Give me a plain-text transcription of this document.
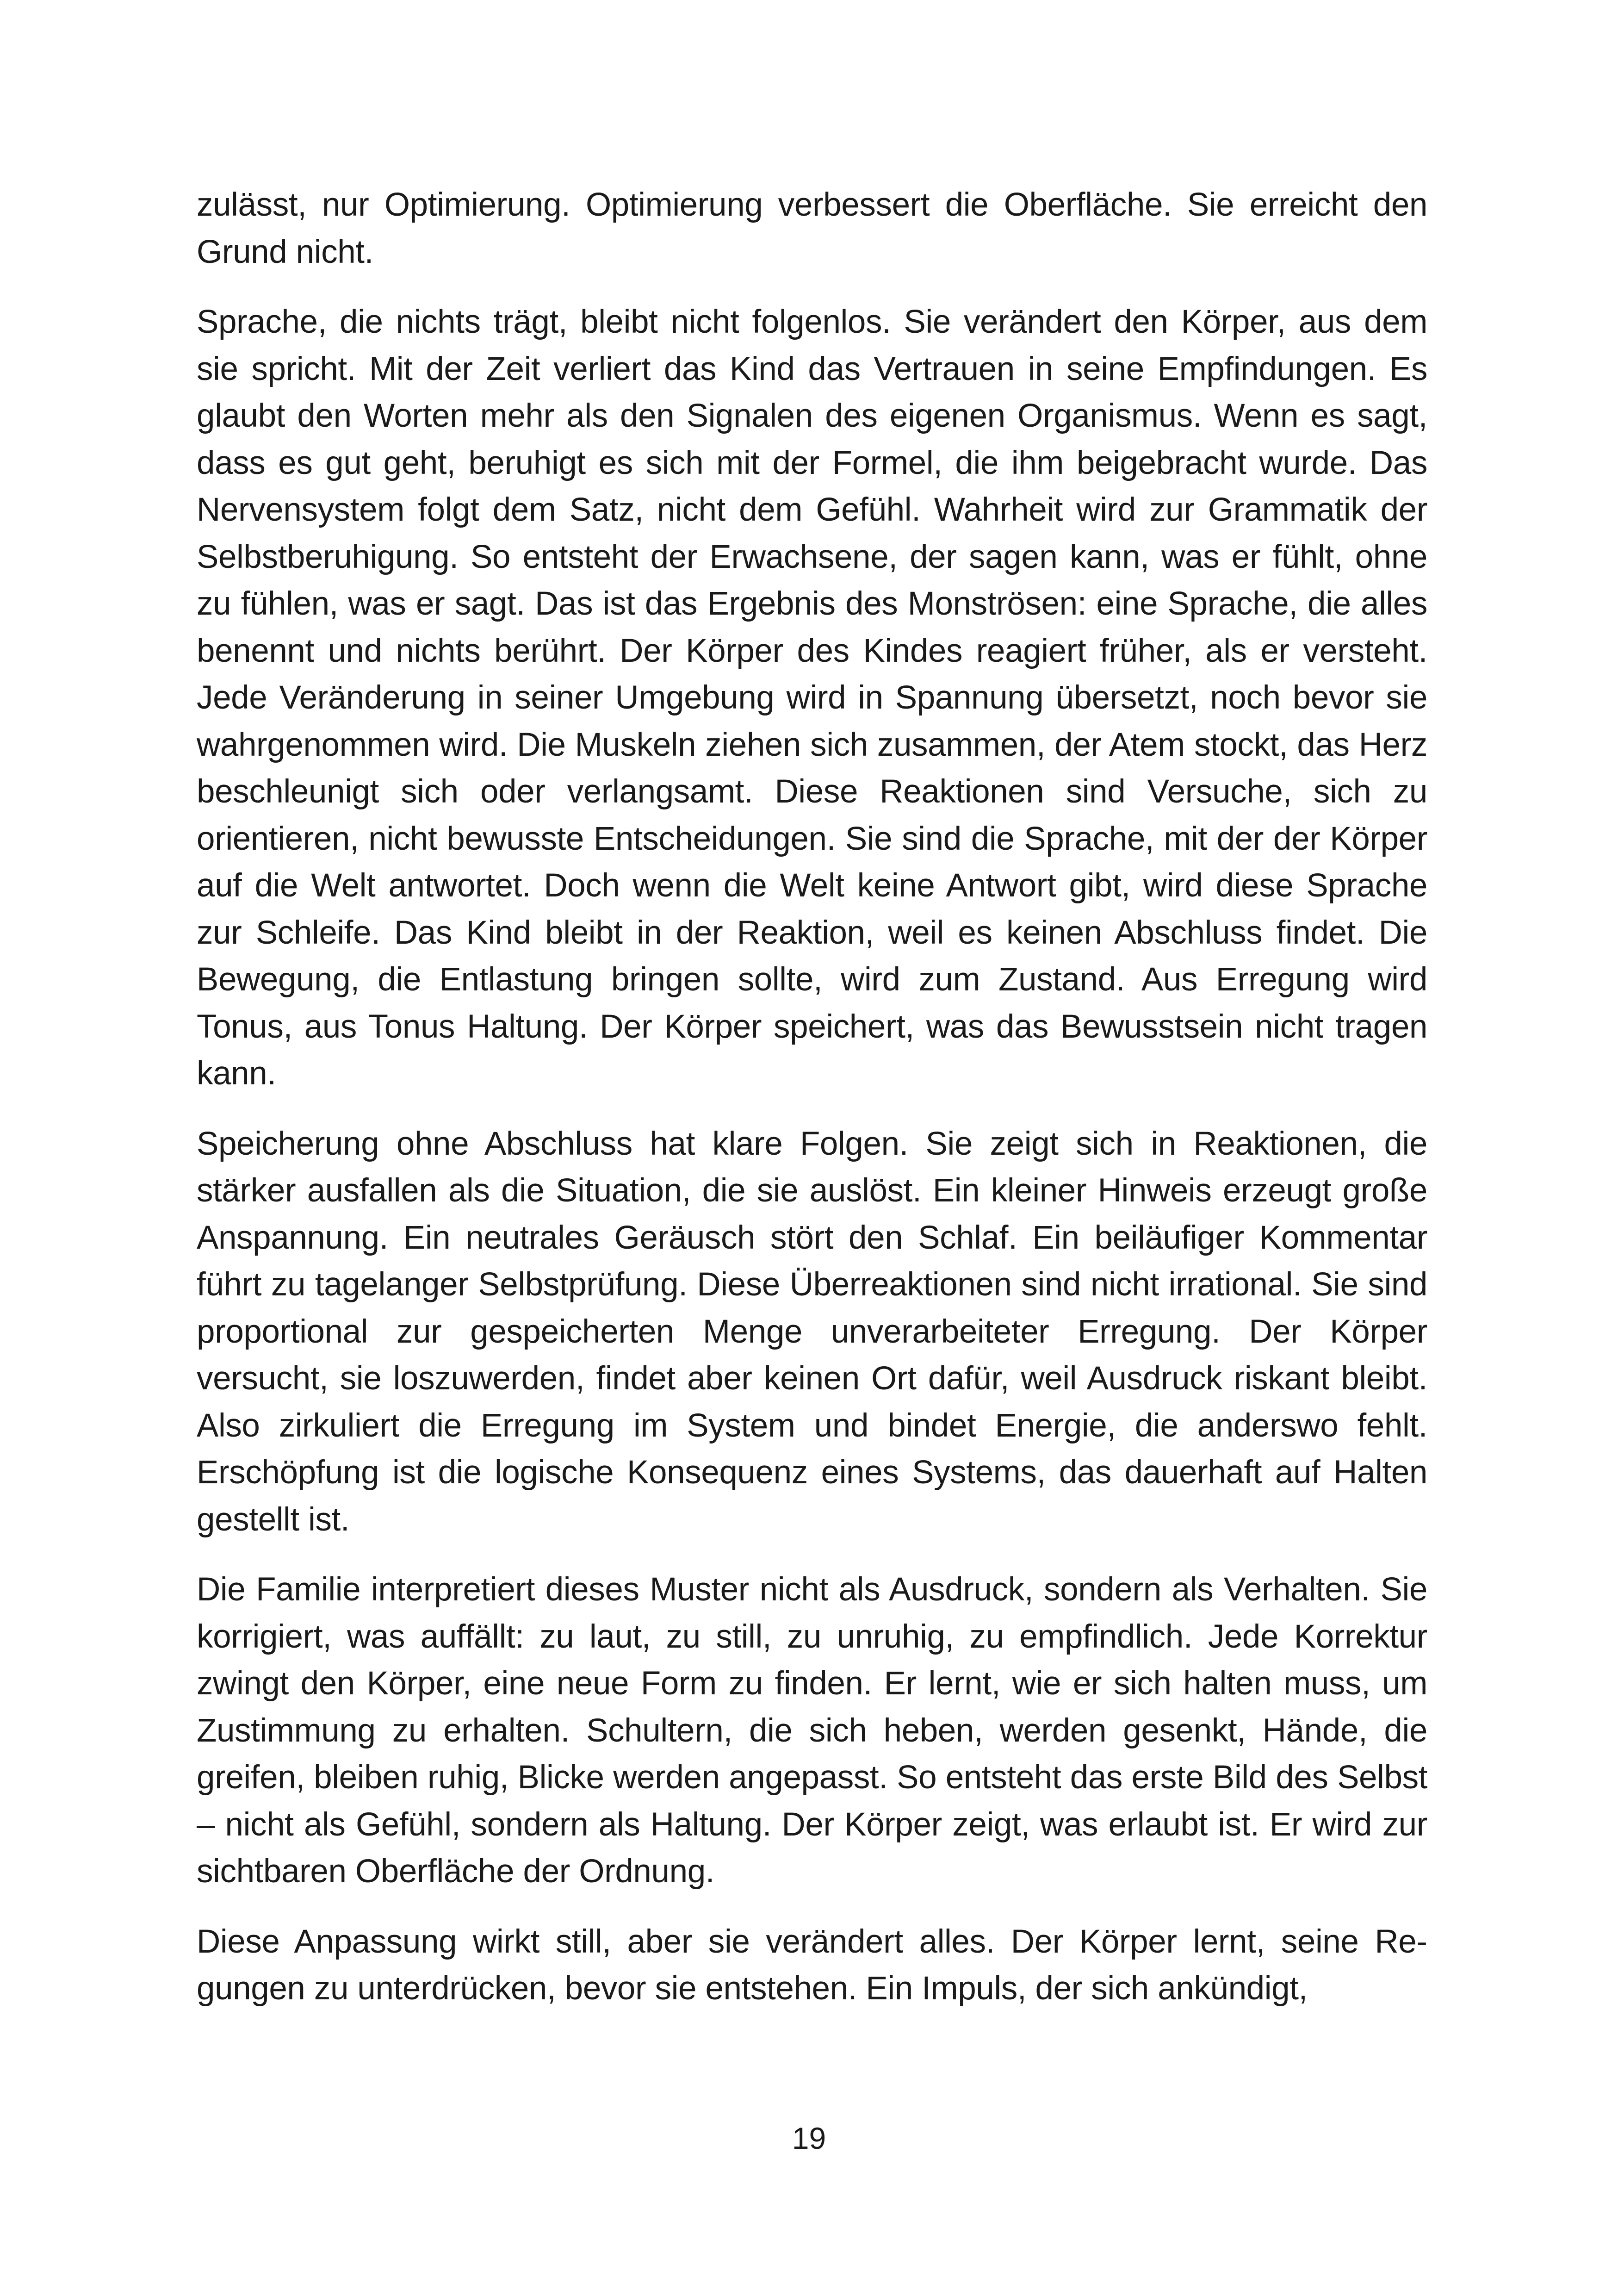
zulässt, nur Optimierung. Optimierung verbessert die Oberfläche. Sie erreicht den Grund nicht.

Sprache, die nichts trägt, bleibt nicht folgenlos. Sie verändert den Körper, aus dem sie spricht. Mit der Zeit verliert das Kind das Vertrauen in seine Empfindungen. Es glaubt den Worten mehr als den Signalen des eigenen Organismus. Wenn es sagt, dass es gut geht, beruhigt es sich mit der Formel, die ihm beigebracht wurde. Das Nervensystem folgt dem Satz, nicht dem Gefühl. Wahrheit wird zur Grammatik der Selbstberuhigung. So entsteht der Erwachsene, der sagen kann, was er fühlt, ohne zu fühlen, was er sagt. Das ist das Ergebnis des Monströsen: eine Sprache, die alles benennt und nichts berührt. Der Körper des Kindes reagiert früher, als er versteht. Jede Veränderung in seiner Umgebung wird in Spannung übersetzt, noch bevor sie wahrgenommen wird. Die Muskeln ziehen sich zusammen, der Atem stockt, das Herz beschleunigt sich oder verlangsamt. Diese Reaktionen sind Versuche, sich zu orientieren, nicht bewusste Entscheidungen. Sie sind die Sprache, mit der der Körper auf die Welt antwortet. Doch wenn die Welt keine Antwort gibt, wird diese Sprache zur Schleife. Das Kind bleibt in der Reaktion, weil es keinen Abschluss findet. Die Bewegung, die Entlastung bringen sollte, wird zum Zustand. Aus Erregung wird Tonus, aus Tonus Haltung. Der Körper speichert, was das Bewusstsein nicht tragen kann.

Speicherung ohne Abschluss hat klare Folgen. Sie zeigt sich in Reaktionen, die stärker ausfallen als die Situation, die sie auslöst. Ein kleiner Hinweis erzeugt große Anspannung. Ein neutrales Geräusch stört den Schlaf. Ein beiläufiger Kommentar führt zu tagelanger Selbstprüfung. Diese Überreaktionen sind nicht irrational. Sie sind proportional zur gespeicherten Menge unverarbeiteter Erregung. Der Körper versucht, sie loszuwerden, findet aber keinen Ort dafür, weil Ausdruck riskant bleibt. Also zirkuliert die Erregung im System und bindet Energie, die anderswo fehlt. Erschöpfung ist die logische Konsequenz eines Systems, das dauerhaft auf Halten gestellt ist.

Die Familie interpretiert dieses Muster nicht als Ausdruck, sondern als Verhalten. Sie korrigiert, was auffällt: zu laut, zu still, zu unruhig, zu empfindlich. Jede Korrektur zwingt den Körper, eine neue Form zu finden. Er lernt, wie er sich halten muss, um Zustimmung zu erhalten. Schultern, die sich heben, werden gesenkt, Hände, die greifen, bleiben ruhig, Blicke werden angepasst. So entsteht das erste Bild des Selbst – nicht als Gefühl, sondern als Haltung. Der Körper zeigt, was erlaubt ist. Er wird zur sichtbaren Oberfläche der Ordnung.

Diese Anpassung wirkt still, aber sie verändert alles. Der Körper lernt, seine Regungen zu unterdrücken, bevor sie entstehen. Ein Impuls, der sich ankündigt,

19
